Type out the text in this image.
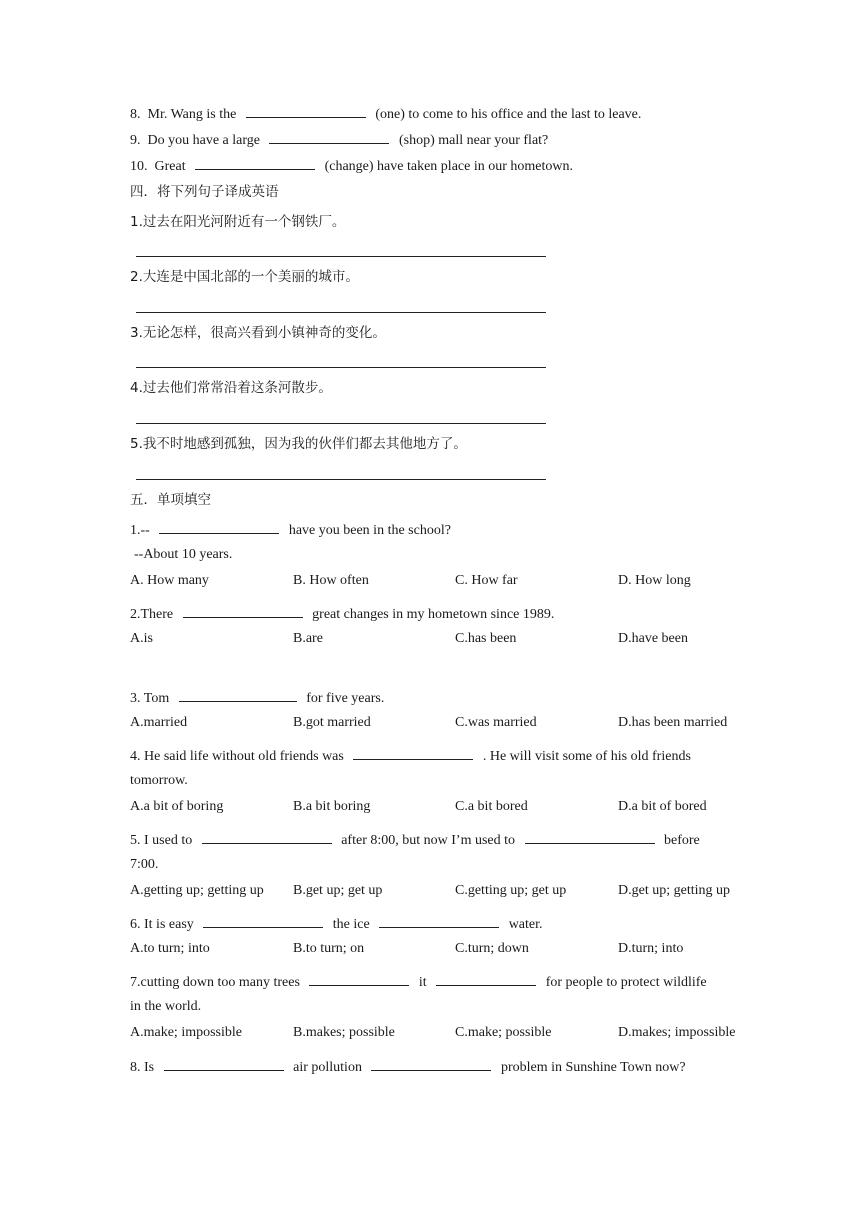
8. Mr. Wang is the	(one) to come to his office and the last to leave.
9. Do you have a large	(shop) mall near your flat?
10. Great	(change) have taken place in our hometown.
四．将下列句子译成英语
1.过去在阳光河附近有一个钢铁厂。
2.大连是中国北部的一个美丽的城市。
3.无论怎样，很高兴看到小镇神奇的变化。
4.过去他们常常沿着这条河散步。
5.我不时地感到孤独，因为我的伙伴们都去其他地方了。
五．单项填空
1.--	have you been in the school?
--About 10 years.
A. How many	B. How often	C. How far	D. How long
2.There	great changes in my hometown since 1989.
A.is	B.are	C.has been	D.have been
3. Tom	for five years.
A.married	B.got married	C.was married	D.has been married
4. He said life without old friends was	. He will visit some of his old friends
tomorrow.
A.a bit of boring	B.a bit boring	C.a bit bored	D.a bit of bored
5. I used to	after 8:00, but now I’m used to	before
7:00.
A.getting up; getting up B.get up; get up	C.getting up; get up	D.get up; getting up
6. It is easy	the ice	water.
A.to turn; into	B.to turn; on	C.turn; down	D.turn; into
7.cutting down too many trees	it	for people to protect wildlife
in the world.
A.make; impossible	B.makes; possible	C.make; possible	D.makes; impossible
8. Is	air pollution	problem in Sunshine Town now?
